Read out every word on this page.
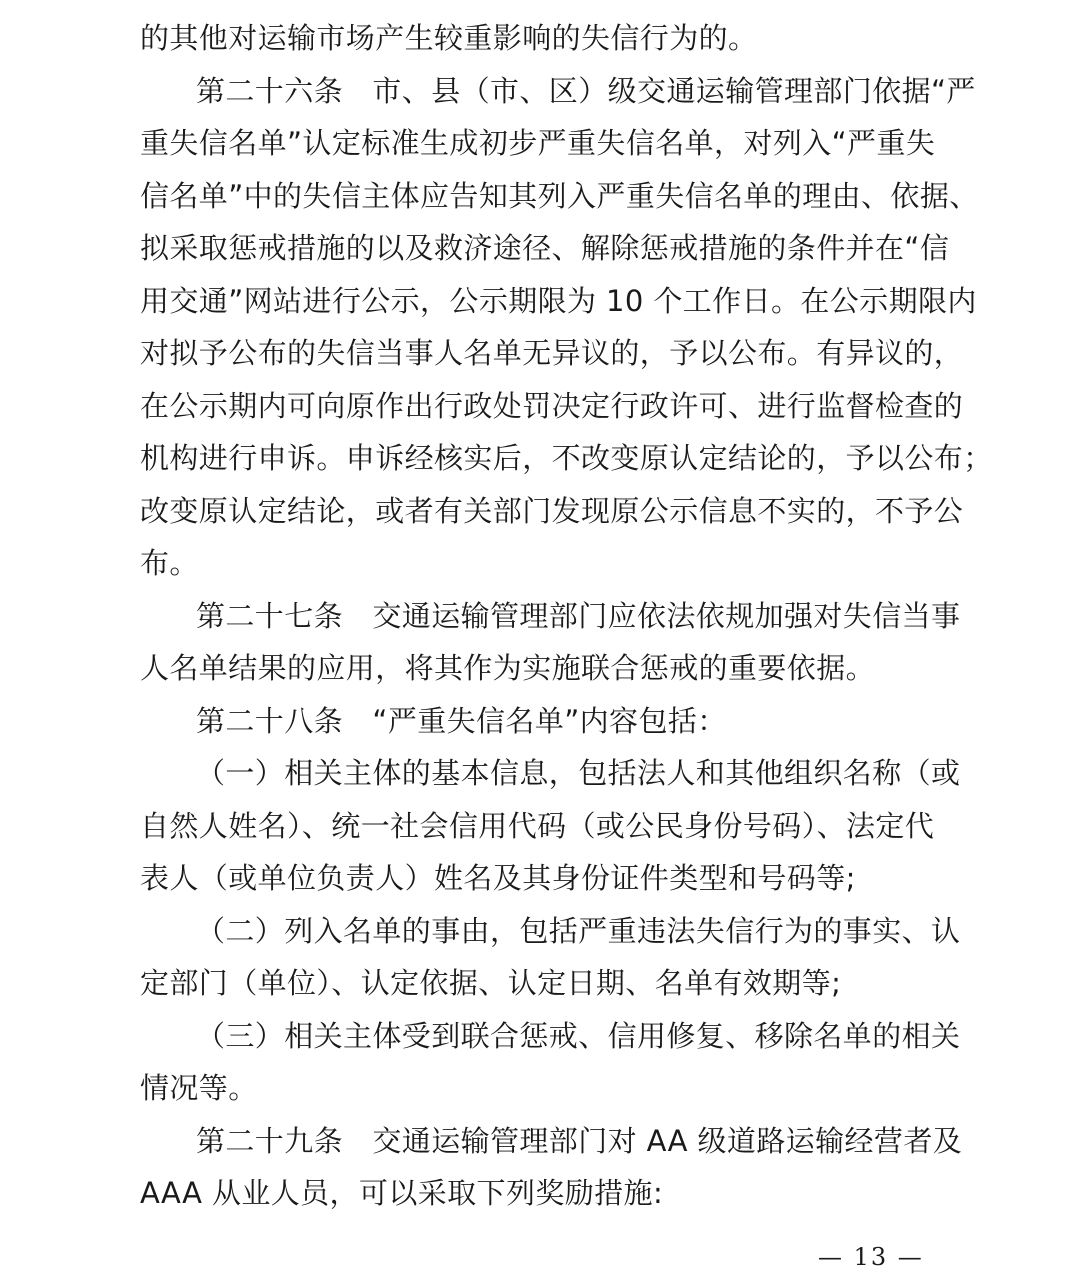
的其他对运输市场产生较重影响的失信行为的。
第二十六条　市、县（市、区）级交通运输管理部门依据“严
重失信名单”认定标准生成初步严重失信名单，对列入“严重失
信名单”中的失信主体应告知其列入严重失信名单的理由、依据、
拟采取惩戒措施的以及救济途径、解除惩戒措施的条件并在“信
用交通”网站进行公示，公示期限为 10 个工作日。在公示期限内
对拟予公布的失信当事人名单无异议的，予以公布。有异议的，
在公示期内可向原作出行政处罚决定行政许可、进行监督检查的
机构进行申诉。申诉经核实后，不改变原认定结论的，予以公布；
改变原认定结论，或者有关部门发现原公示信息不实的，不予公
布。
第二十七条　交通运输管理部门应依法依规加强对失信当事
人名单结果的应用，将其作为实施联合惩戒的重要依据。
第二十八条　“严重失信名单”内容包括：
（一）相关主体的基本信息，包括法人和其他组织名称（或
自然人姓名）、统一社会信用代码（或公民身份号码）、法定代
表人（或单位负责人）姓名及其身份证件类型和号码等;
（二）列入名单的事由，包括严重违法失信行为的事实、认
定部门（单位）、认定依据、认定日期、名单有效期等;
（三）相关主体受到联合惩戒、信用修复、移除名单的相关
情况等。
第二十九条　交通运输管理部门对 AA 级道路运输经营者及
AAA 从业人员，可以采取下列奖励措施:
— 13 —
